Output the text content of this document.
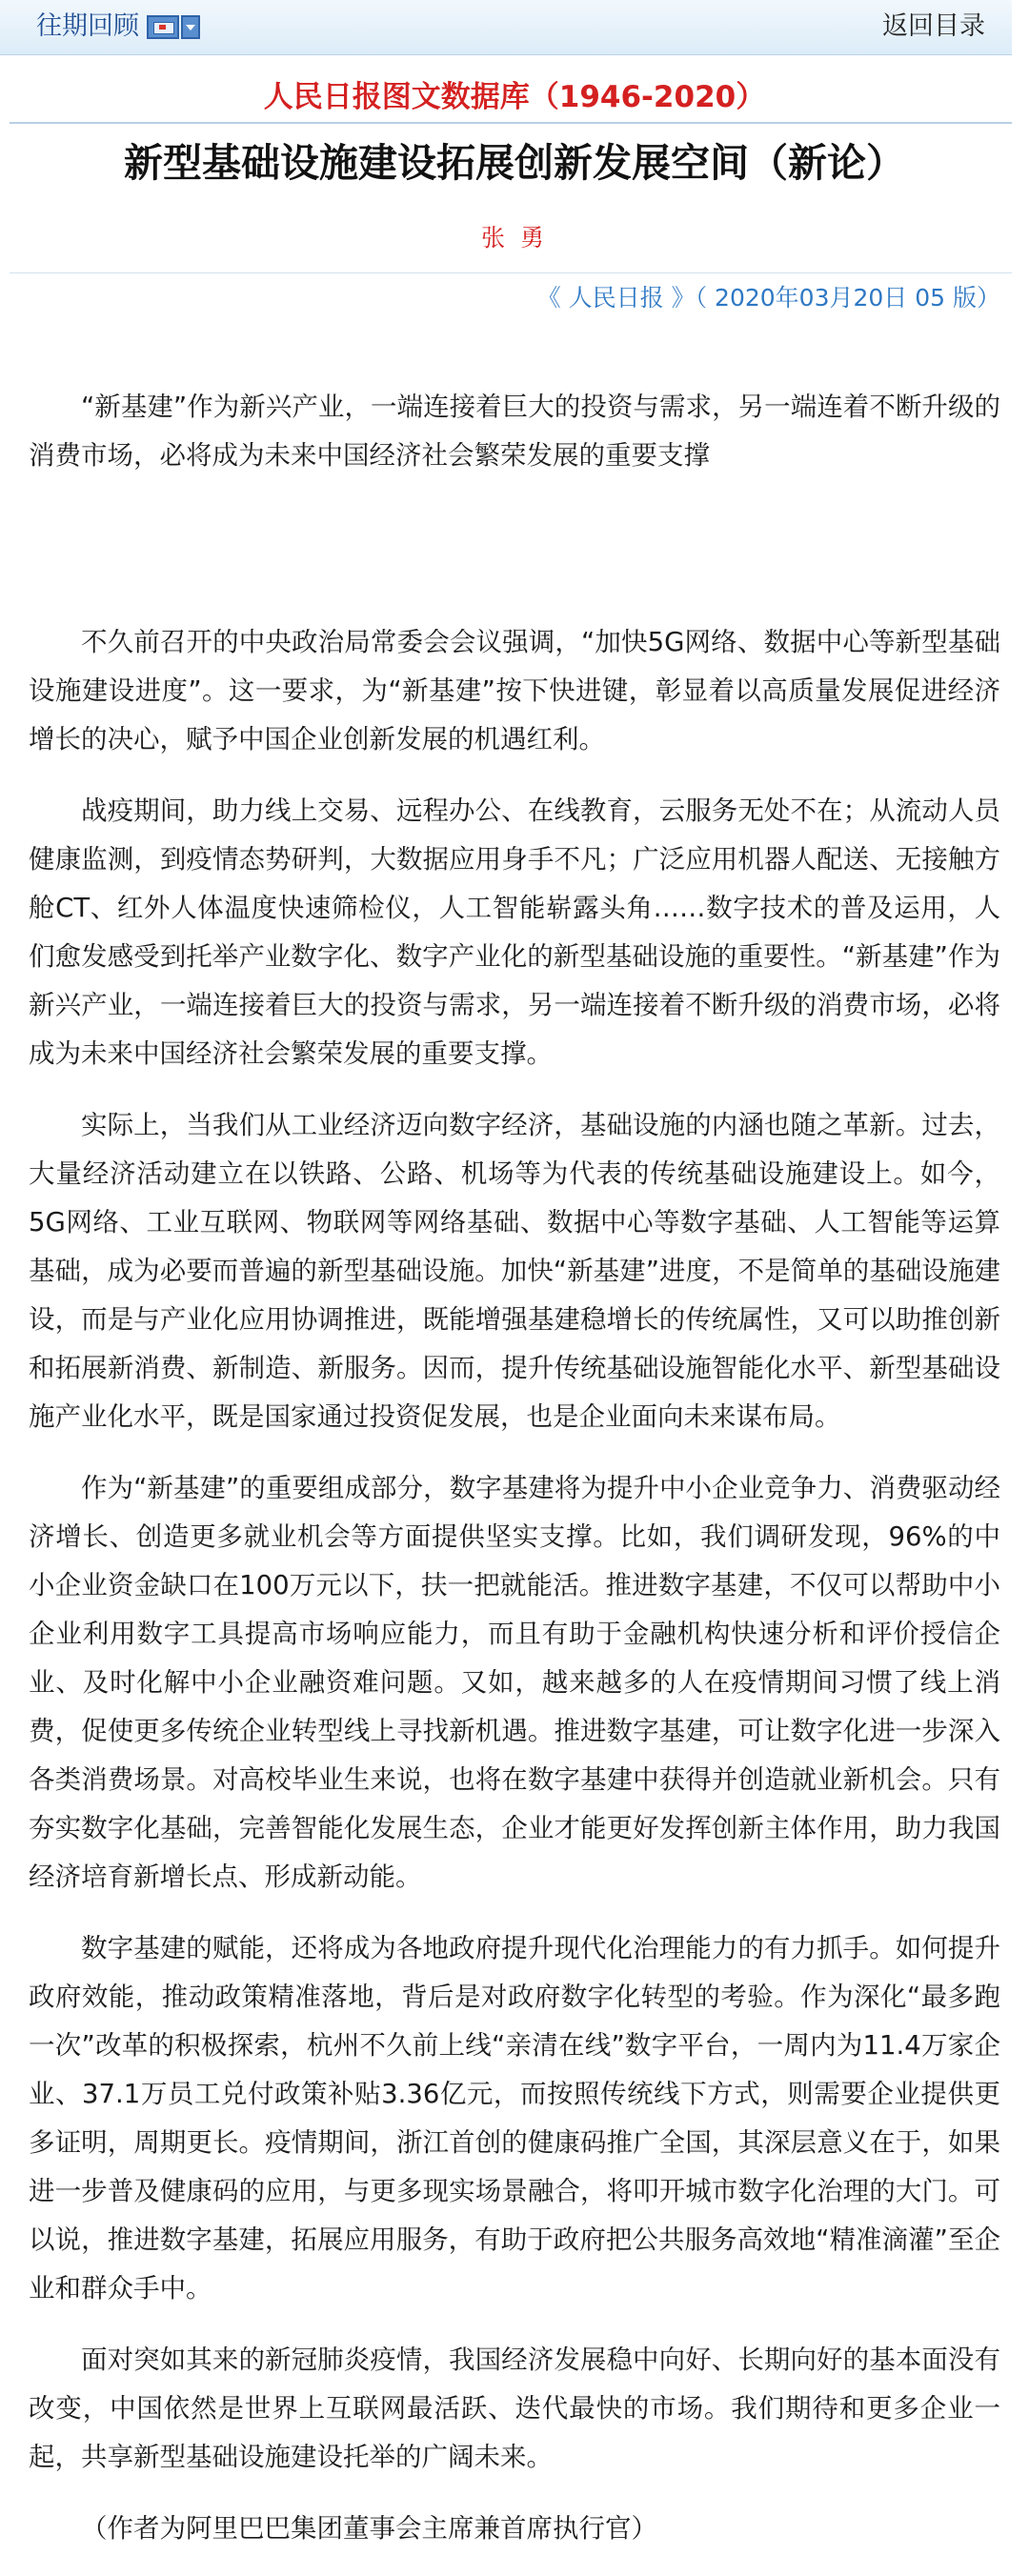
往期回顾	返回目录
人民日报图文数据库（1946-2020）
新型基础设施建设拓展创新发展空间（新论）
张 勇
《 人民日报 》（ 2020年03月20日 05 版）

“新基建”作为新兴产业，一端连接着巨大的投资与需求，另一端连着不断升级的消费市场，必将成为未来中国经济社会繁荣发展的重要支撑

不久前召开的中央政治局常委会会议强调，“加快5G网络、数据中心等新型基础设施建设进度”。这一要求，为“新基建”按下快进键，彰显着以高质量发展促进经济增长的决心，赋予中国企业创新发展的机遇红利。

战疫期间，助力线上交易、远程办公、在线教育，云服务无处不在；从流动人员健康监测，到疫情态势研判，大数据应用身手不凡；广泛应用机器人配送、无接触方舱CT、红外人体温度快速筛检仪，人工智能崭露头角……数字技术的普及运用，人们愈发感受到托举产业数字化、数字产业化的新型基础设施的重要性。“新基建”作为新兴产业，一端连接着巨大的投资与需求，另一端连接着不断升级的消费市场，必将成为未来中国经济社会繁荣发展的重要支撑。

实际上，当我们从工业经济迈向数字经济，基础设施的内涵也随之革新。过去，大量经济活动建立在以铁路、公路、机场等为代表的传统基础设施建设上。如今，5G网络、工业互联网、物联网等网络基础、数据中心等数字基础、人工智能等运算基础，成为必要而普遍的新型基础设施。加快“新基建”进度，不是简单的基础设施建设，而是与产业化应用协调推进，既能增强基建稳增长的传统属性，又可以助推创新和拓展新消费、新制造、新服务。因而，提升传统基础设施智能化水平、新型基础设施产业化水平，既是国家通过投资促发展，也是企业面向未来谋布局。

作为“新基建”的重要组成部分，数字基建将为提升中小企业竞争力、消费驱动经济增长、创造更多就业机会等方面提供坚实支撑。比如，我们调研发现，96%的中小企业资金缺口在100万元以下，扶一把就能活。推进数字基建，不仅可以帮助中小企业利用数字工具提高市场响应能力，而且有助于金融机构快速分析和评价授信企业、及时化解中小企业融资难问题。又如，越来越多的人在疫情期间习惯了线上消费，促使更多传统企业转型线上寻找新机遇。推进数字基建，可让数字化进一步深入各类消费场景。对高校毕业生来说，也将在数字基建中获得并创造就业新机会。只有夯实数字化基础，完善智能化发展生态，企业才能更好发挥创新主体作用，助力我国经济培育新增长点、形成新动能。

数字基建的赋能，还将成为各地政府提升现代化治理能力的有力抓手。如何提升政府效能，推动政策精准落地，背后是对政府数字化转型的考验。作为深化“最多跑一次”改革的积极探索，杭州不久前上线“亲清在线”数字平台，一周内为11.4万家企业、37.1万员工兑付政策补贴3.36亿元，而按照传统线下方式，则需要企业提供更多证明，周期更长。疫情期间，浙江首创的健康码推广全国，其深层意义在于，如果进一步普及健康码的应用，与更多现实场景融合，将叩开城市数字化治理的大门。可以说，推进数字基建，拓展应用服务，有助于政府把公共服务高效地“精准滴灌”至企业和群众手中。

面对突如其来的新冠肺炎疫情，我国经济发展稳中向好、长期向好的基本面没有改变，中国依然是世界上互联网最活跃、迭代最快的市场。我们期待和更多企业一起，共享新型基础设施建设托举的广阔未来。

（作者为阿里巴巴集团董事会主席兼首席执行官）
